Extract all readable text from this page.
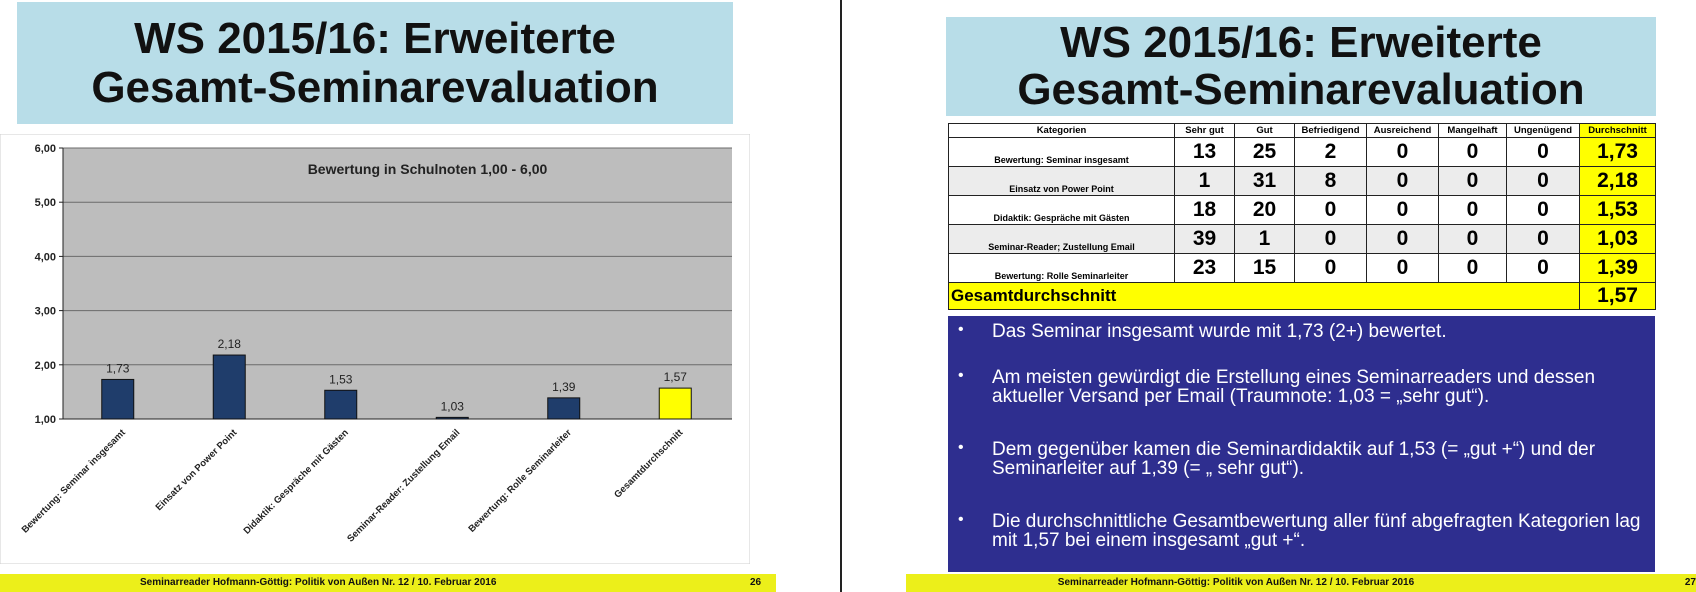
WS 2015/16: Erweiterte
Gesamt-Seminarevaluation
1,00
2,00
3,00
4,00
5,00
6,00
Bewertung in Schulnoten 1,00 - 6,00
1,73
Bewertung: Seminar insgesamt
2,18
Einsatz von Power Point
1,53
Didaktik: Gespräche mit Gästen
1,03
Seminar-Reader: Zustellung Email
1,39
Bewertung: Rolle Seminarleiter
1,57
Gesamtdurchschnitt
Seminarreader Hofmann-Göttig: Politik von Außen Nr. 12 / 10. Februar 2016	26
WS 2015/16: Erweiterte
Gesamt-Seminarevaluation
Kategorien	Sehr gut	Gut	Befriedigend	Ausreichend	Mangelhaft	Ungenügend	Durchschnitt
Bewertung: Seminar insgesamt	13	25	2	0	0	0	1,73
Einsatz von Power Point	1	31	8	0	0	0	2,18
Didaktik: Gespräche mit Gästen	18	20	0	0	0	0	1,53
Seminar-Reader; Zustellung Email	39	1	0	0	0	0	1,03
Bewertung: Rolle Seminarleiter	23	15	0	0	0	0	1,39
Gesamtdurchschnitt							1,57
• Das Seminar insgesamt wurde mit 1,73 (2+) bewertet.
• Am meisten gewürdigt die Erstellung eines Seminarreaders und dessen aktueller Versand per Email (Traumnote: 1,03 = „sehr gut“).
• Dem gegenüber kamen die Seminardidaktik auf 1,53 (= „gut +“) und der Seminarleiter auf 1,39 (= „ sehr gut“).
• Die durchschnittliche Gesamtbewertung aller fünf abgefragten Kategorien lag mit 1,57 bei einem insgesamt „gut +“.
Seminarreader Hofmann-Göttig: Politik von Außen Nr. 12 / 10. Februar 2016	27
